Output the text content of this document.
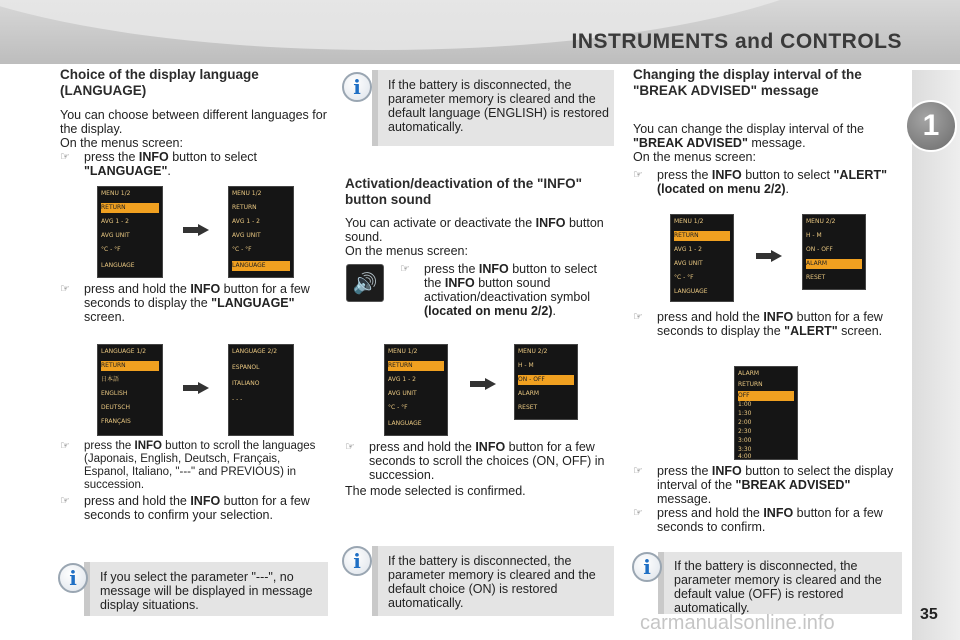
INSTRUMENTS and CONTROLS
1
35
Choice of the display language (LANGUAGE)
You can choose between different languages for the display.
On the menus screen:
☞ press the INFO button to select "LANGUAGE".
MENU 1/2
RETURN
AVG 1 - 2
AVG UNIT
°C - °F
LANGUAGE
MENU 1/2
RETURN
AVG 1 - 2
AVG UNIT
°C - °F
LANGUAGE
☞ press and hold the INFO button for a few seconds to display the "LANGUAGE" screen.
LANGUAGE 1/2
RETURN
日本語
ENGLISH
DEUTSCH
FRANÇAIS
LANGUAGE 2/2
ESPANOL
ITALIANO
- - -
☞ press the INFO button to scroll the languages (Japonais, English, Deutsch, Français, Espanol, Italiano, "---" and PREVIOUS) in succession.
☞ press and hold the INFO button for a few seconds to confirm your selection.
If you select the parameter "---", no message will be displayed in message display situations.
i
If the battery is disconnected, the parameter memory is cleared and the default language (ENGLISH) is restored automatically.
i
Activation/deactivation of the "INFO" button sound
You can activate or deactivate the INFO button sound.
On the menus screen:
🔊
☞ press the INFO button to select the INFO button sound activation/deactivation symbol (located on menu 2/2).
MENU 1/2
RETURN
AVG 1 - 2
AVG UNIT
°C - °F
LANGUAGE
MENU 2/2
H - M
ON - OFF
ALARM
RESET
☞ press and hold the INFO button for a few seconds to scroll the choices (ON, OFF) in succession.
The mode selected is confirmed.
If the battery is disconnected, the parameter memory is cleared and the default choice (ON) is restored automatically.
i
Changing the display interval of the "BREAK ADVISED" message
You can change the display interval of the "BREAK ADVISED" message.
On the menus screen:
☞ press the INFO button to select "ALERT" (located on menu 2/2).
MENU 1/2
RETURN
AVG 1 - 2
AVG UNIT
°C - °F
LANGUAGE
MENU 2/2
H - M
ON - OFF
ALARM
RESET
☞ press and hold the INFO button for a few seconds to display the "ALERT" screen.
ALARM
RETURN
OFF
1:00
1:30
2:00
2:30
3:00
3:30
4:00
☞ press the INFO button to select the display interval of the "BREAK ADVISED" message.
☞ press and hold the INFO button for a few seconds to confirm.
If the battery is disconnected, the parameter memory is cleared and the default value (OFF) is restored automatically.
i
carmanualsonline.info
